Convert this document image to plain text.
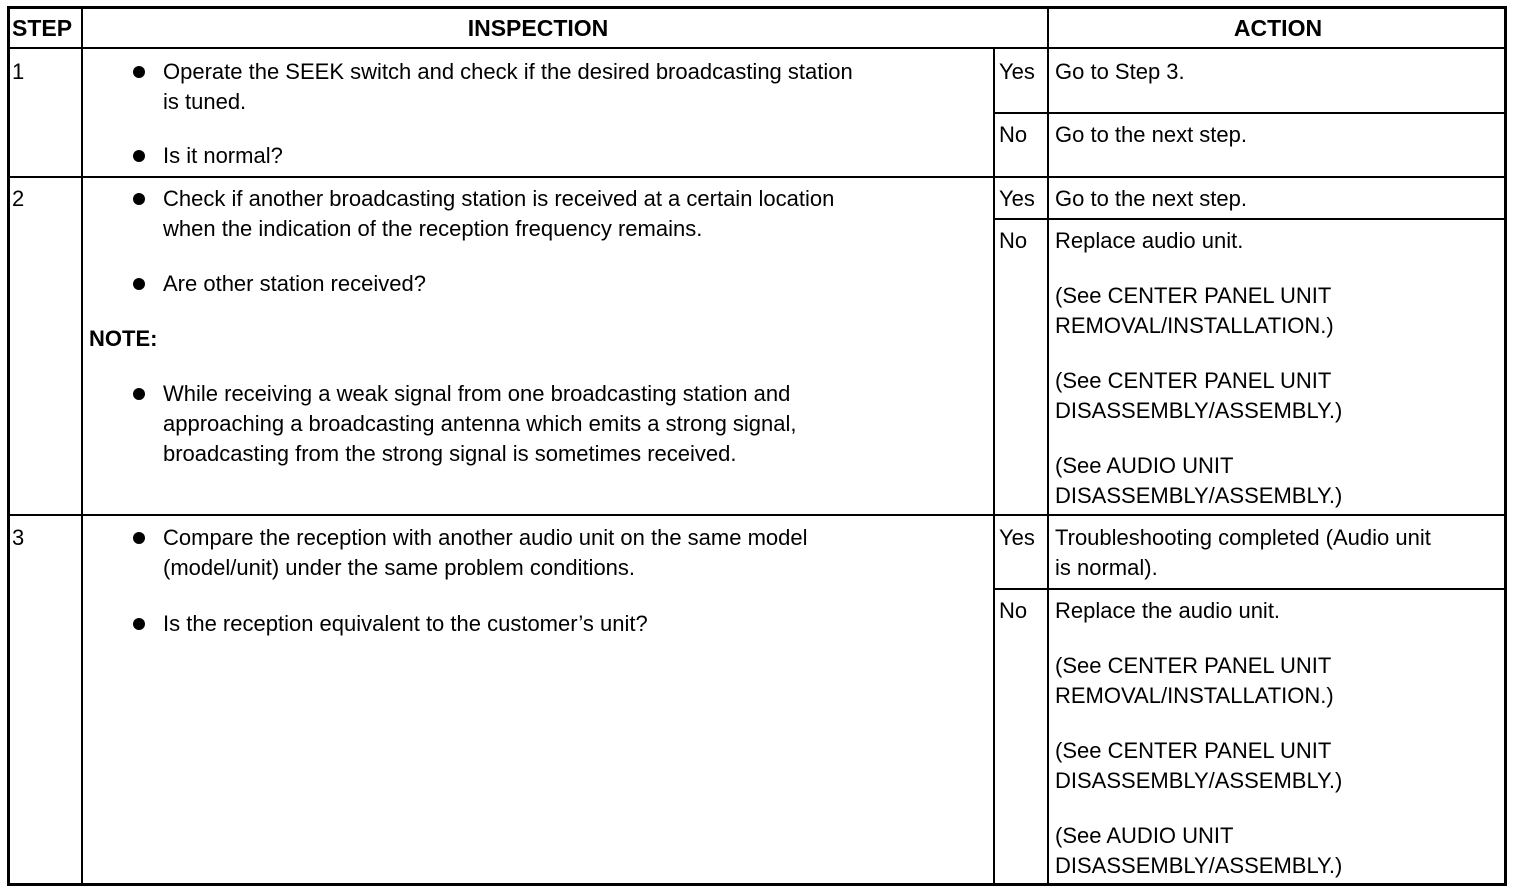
STEP	INSPECTION	ACTION
1	Operate the SEEK switch and check if the desired broadcasting station
is tuned.
Is it normal?
Yes Go to Step 3.
No Go to the next step.
2	Check if another broadcasting station is received at a certain location
when the indication of the reception frequency remains.
Are other station received?
NOTE:
While receiving a weak signal from one broadcasting station and
approaching a broadcasting antenna which emits a strong signal,
broadcasting from the strong signal is sometimes received.
Yes Go to the next step.
No Replace audio unit.
(See CENTER PANEL UNIT
REMOVAL/INSTALLATION.)
(See CENTER PANEL UNIT
DISASSEMBLY/ASSEMBLY.)
(See AUDIO UNIT
DISASSEMBLY/ASSEMBLY.)
3	Compare the reception with another audio unit on the same model
(model/unit) under the same problem conditions.
Is the reception equivalent to the customer’s unit?
Yes Troubleshooting completed (Audio unit
is normal).
No Replace the audio unit.
(See CENTER PANEL UNIT
REMOVAL/INSTALLATION.)
(See CENTER PANEL UNIT
DISASSEMBLY/ASSEMBLY.)
(See AUDIO UNIT
DISASSEMBLY/ASSEMBLY.)
